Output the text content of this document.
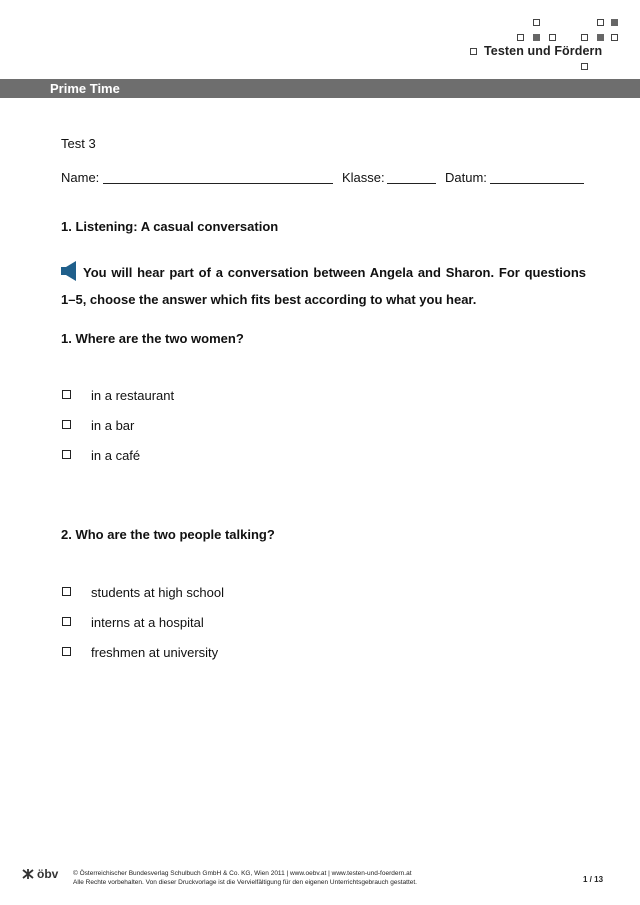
Testen und Fördern
Prime Time
Test 3
Name:	Klasse:	Datum:
1. Listening: A casual conversation
You will hear part of a conversation between Angela and Sharon. For questions 1–5, choose the answer which fits best according to what you hear.
1. Where are the two women?
in a restaurant
in a bar
in a café
2. Who are the two people talking?
students at high school
interns at a hospital
freshmen at university
öbv © Österreichischer Bundesverlag Schulbuch GmbH & Co. KG, Wien 2011 | www.oebv.at | www.testen-und-foerdern.at
Alle Rechte vorbehalten. Von dieser Druckvorlage ist die Vervielfältigung für den eigenen Unterrichtsgebrauch gestattet.	1 / 13
